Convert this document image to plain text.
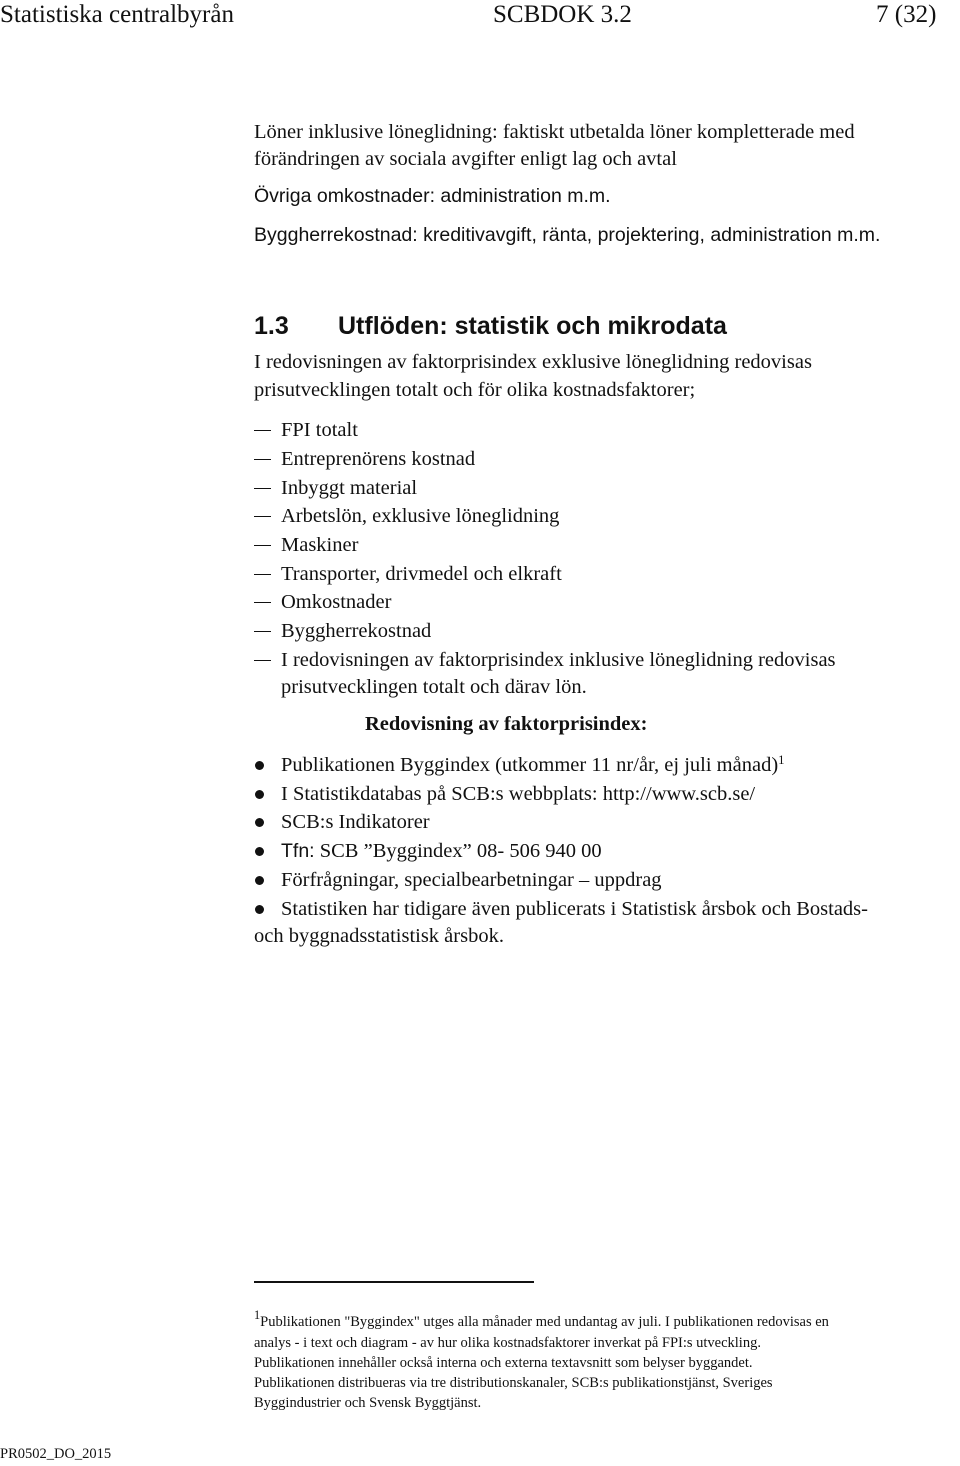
Statistiska centralbyrån	SCBDOK 3.2	7 (32)
Löner inklusive löneglidning: faktiskt utbetalda löner kompletterade med
förändringen av sociala avgifter enligt lag och avtal
Övriga omkostnader: administration m.m.
Byggherrekostnad: kreditivavgift, ränta, projektering, administration m.m.
1.3 Utflöden: statistik och mikrodata
I redovisningen av faktorprisindex exklusive löneglidning redovisas
prisutvecklingen totalt och för olika kostnadsfaktorer;
FPI totalt
Entreprenörens kostnad
Inbyggt material
Arbetslön, exklusive löneglidning
Maskiner
Transporter, drivmedel och elkraft
Omkostnader
Byggherrekostnad
I redovisningen av faktorprisindex inklusive löneglidning redovisas
prisutvecklingen totalt och därav lön.
Redovisning av faktorprisindex:
Publikationen Byggindex (utkommer 11 nr/år, ej juli månad)$^1$
I Statistikdatabas på SCB:s webbplats: http://www.scb.se/
SCB:s Indikatorer
Tfn: SCB ”Byggindex” 08- 506 940 00
Förfrågningar, specialbearbetningar – uppdrag
Statistiken har tidigare även publicerats i Statistisk årsbok och Bostads-
och byggnadsstatistisk årsbok.
$^1$Publikationen "Byggindex" utges alla månader med undantag av juli. I publikationen redovisas en
analys - i text och diagram - av hur olika kostnadsfaktorer inverkat på FPI:s utveckling.
Publikationen innehåller också interna och externa textavsnitt som belyser byggandet.
Publikationen distribueras via tre distributionskanaler, SCB:s publikationstjänst, Sveriges
Byggindustrier och Svensk Byggtjänst.
PR0502_DO_2015
